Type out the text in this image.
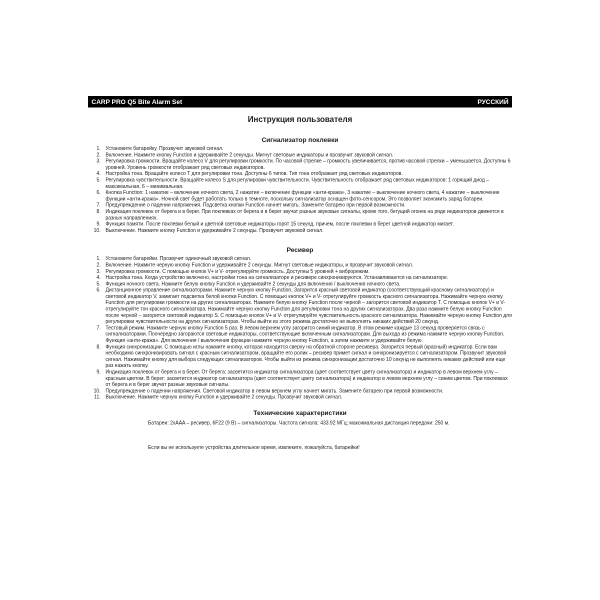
CARP PRO Q5 Bite Alarm Set	РУССКИЙ
Инструкция пользователя
Сигнализатор поклевки
1. Установите батарейку. Прозвучит звуковой сигнал.
2. Включение. Нажмите кнопку Function и удерживайте 2 секунды. Мигнут световые индикаторы и прозвучит звуковой сигнал.
3. Регулировка громкости. Вращайте колесо V для регулировки громкости. По часовой стрелке – громкость увеличивается, против часовой стрелки – уменьшается. Доступны 6 уровней. Уровень громкости отображает ряд световых индикаторов.
4. Настройка тона. Вращайте колесо T для регулировки тона. Доступны 6 типов. Тип тона отображает ряд световых индикаторов.
5. Регулировка чувствительности. Вращайте колесо S для регулировки чувствительности. Чувствительность отображает ряд световых индикаторов: 1 горящий диод – максимальная, 6 – минимальная.
6. Кнопка Function: 1 нажатие – включение ночного света, 2 нажатие – включение функции «анти-кража», 3 нажатие – выключение ночного света, 4 нажатие – выключение функции «анти-кража». Ночной свет будет работать только в темноте, поскольку сигнализатор оснащен фото-сенсором. Это позволяет экономить заряд батареи.
7. Предупреждение о падении напряжения. Подсветка кнопки Function начнет мигать. Замените батарею при первой возможности.
8. Индикация поклевок от берега и в берег. При поклевках от берега и в берег звучат разные звуковые сигналы, кроме того, бегущий огонек на ряде индикаторов движется в разных направлениях.
9. Функция памяти. После поклевки белый и цветной световые индикаторы горят 15 секунд, причем, после поклевки в берег цветной индикатор мигает.
10. Выключение. Нажмите кнопку Function и удерживайте 2 секунды. Прозвучит звуковой сигнал.
Ресивер
1. Установите батарейки. Прозвучит одиночный звуковой сигнал.
2. Включение. Нажмите черную кнопку Function и удерживайте 2 секунды. Мигнут световые индикаторы, и прозвучит звуковой сигнал.
3. Регулировка громкости. С помощью кнопок V+ и V- отрегулируйте громкость. Доступны 5 уровней + виброрежим.
4. Настройка тона. Когда устройство включено, настройки тона на сигнализаторе и ресивере синхронизируются. Устанавливаются на сигнализаторе.
5. Функция ночного света. Нажмите белую кнопку Function и удерживайте 2 секунды для включения / выключения ночного света.
6. Дистанционное управление сигнализаторами. Нажмите черную кнопку Function. Загорится красный световой индикатор (соответствующий красному сигнализатору) и световой индикатор V, замигает подсветка белой кнопки Function. С помощью кнопок V+ и V- отрегулируйте громкость красного сигнализатора. Нажимайте черную кнопку Function для регулировки громкости на других сигнализаторах. Нажмите белую кнопку Function после черной – загорится световой индикатор T. С помощью кнопок V+ и V- отрегулируйте тон красного сигнализатора. Нажимайте черную кнопку Function для регулировки тона на других сигнализаторах. Два раза нажмите белую кнопку Function после черной – загорится световой индикатор S. С помощью кнопок V+ и V- отрегулируйте чувствительность красного сигнализатора. Нажимайте черную кнопку Function для регулировки чувствительности на других сигнализаторах. Чтобы выйти из этого режима достаточно не выполнять никаких действий 20 секунд.
7. Тестовый режим. Нажмите черную кнопку Function 5 раз. В левом верхнем углу загорится синий индикатор. В этом режиме каждые 13 секунд проверяется связь с сигнализаторами. Поочередно загораются световые индикаторы, соответствующие включенным сигнализаторам. Для выхода из режима нажмите черную кнопку Function. Функция «анти-кража». Для включения / выключения функции нажмите черную кнопку Function, а затем нажмите и удерживайте белую.
8. Функция синхронизации. С помощью иглы нажмите кнопку, которая находится сверху на обратной стороне ресивера. Загорится первый (красный) индикатор. Если вам необходимо синхронизировать сигнал с красным сигнализатором, вращайте его ролик – ресивер примет сигнал и синхронизируется с сигнализатором. Прозвучит звуковой сигнал. Нажимайте кнопку для выбора следующих сигнализаторов. Чтобы выйти из режима синхронизации достаточно 10 секунд не выполнять никаких действий или еще раз нажать кнопку.
9. Индикация поклевок от берега и в берег. От берега: засветится индикатор сигнализатора (цвет соответствует цвету сигнализатора) и индикатор в левом верхнем углу – красным цветом. В берег: засветится индикатор сигнализатора (цвет соответствует цвету сигнализатора) и индикатор в левом верхнем углу – синим цветом. При поклевках от берега и в берег звучат разные звуковые сигналы.
10. Предупреждение о падении напряжения. Световой индикатор в левом верхнем углу начнет мигать. Замените батарею при первой возможности.
11. Выключение. Нажмите черную кнопку Function и удерживайте 2 секунды. Прозвучит звуковой сигнал.
Технические характеристики
Батареи: 2xAAA – ресивер, 6F22 (9 В) – сигнализаторы. Частота сигнала: 433.92 МГц; максимальная дистанция передачи: 250 м.
Если вы не используете устройства длительное время, извлеките, пожалуйста, батарейки!
